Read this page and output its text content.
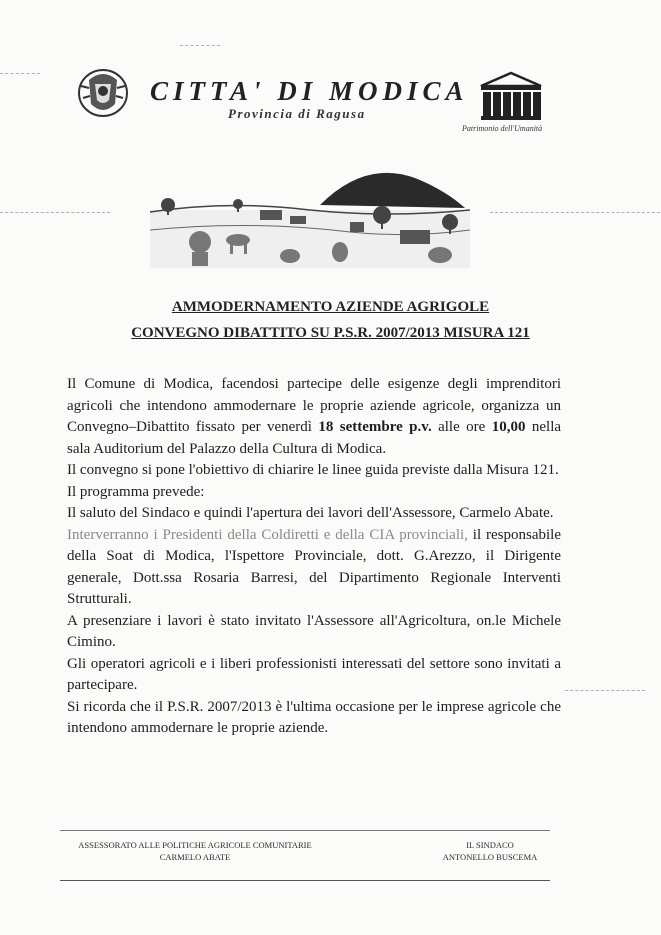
CITTA' DI MODICA
Provincia di Ragusa
Patrimonio dell'Umanità
AMMODERNAMENTO AZIENDE AGRIGOLE
CONVEGNO DIBATTITO SU P.S.R. 2007/2013 MISURA 121

Il Comune di Modica, facendosi partecipe delle esigenze degli imprenditori agricoli che intendono ammodernare le proprie aziende agricole, organizza un Convegno–Dibattito fissato per venerdì 18 settembre p.v. alle ore 10,00 nella sala Auditorium del Palazzo della Cultura di Modica.

Il convegno si pone l'obiettivo di chiarire le linee guida previste dalla Misura 121.

Il programma prevede:

Il saluto del Sindaco e quindi l'apertura dei lavori dell'Assessore, Carmelo Abate.

Interverranno i Presidenti della Coldiretti e della CIA provinciali, il responsabile della Soat di Modica, l'Ispettore Provinciale, dott. G.Arezzo, il Dirigente generale, Dott.ssa Rosaria Barresi, del Dipartimento Regionale Interventi Strutturali.

A presenziare i lavori è stato invitato l'Assessore all'Agricoltura, on.le Michele Cimino.

Gli operatori agricoli e i liberi professionisti interessati del settore sono invitati a partecipare.

Si ricorda che il P.S.R. 2007/2013 è l'ultima occasione per le imprese agricole che intendono ammodernare le proprie aziende.

ASSESSORATO ALLE POLITICHE AGRICOLE COMUNITARIE
CARMELO ABATE
IL SINDACO
ANTONELLO BUSCEMA
